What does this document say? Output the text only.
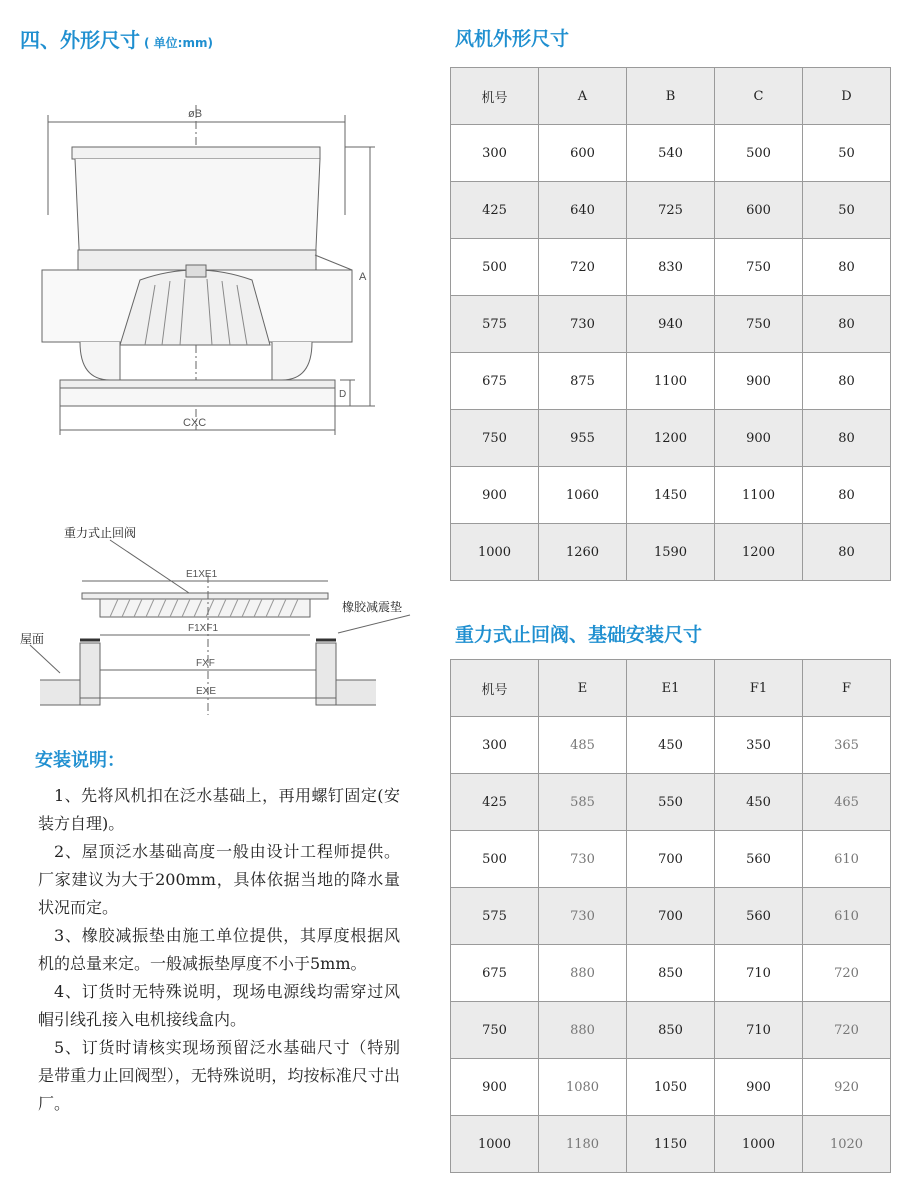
四、外形尺寸 ( 单位:mm)
øB
A
D
CXC
重力式止回阀
橡胶减震垫
屋面
E1XE1
F1XF1
FXF
EXE
安装说明：

1、先将风机扣在泛水基础上，再用螺钉固定(安装方自理)。

2、屋顶泛水基础高度一般由设计工程师提供。厂家建议为大于200mm，具体依据当地的降水量状况而定。

3、橡胶减振垫由施工单位提供，其厚度根据风机的总量来定。一般减振垫厚度不小于5mm。

4、订货时无特殊说明，现场电源线均需穿过风帽引线孔接入电机接线盒内。

5、订货时请核实现场预留泛水基础尺寸（特别是带重力止回阀型），无特殊说明，均按标准尺寸出厂。

风机外形尺寸
机号	A	B	C	D
300	600	540	500	50
425	640	725	600	50
500	720	830	750	80
575	730	940	750	80
675	875	1100	900	80
750	955	1200	900	80
900	1060	1450	1100	80
1000	1260	1590	1200	80
重力式止回阀、基础安装尺寸
机号	E	E1	F1	F
300	485	450	350	365
425	585	550	450	465
500	730	700	560	610
575	730	700	560	610
675	880	850	710	720
750	880	850	710	720
900	1080	1050	900	920
1000	1180	1150	1000	1020
